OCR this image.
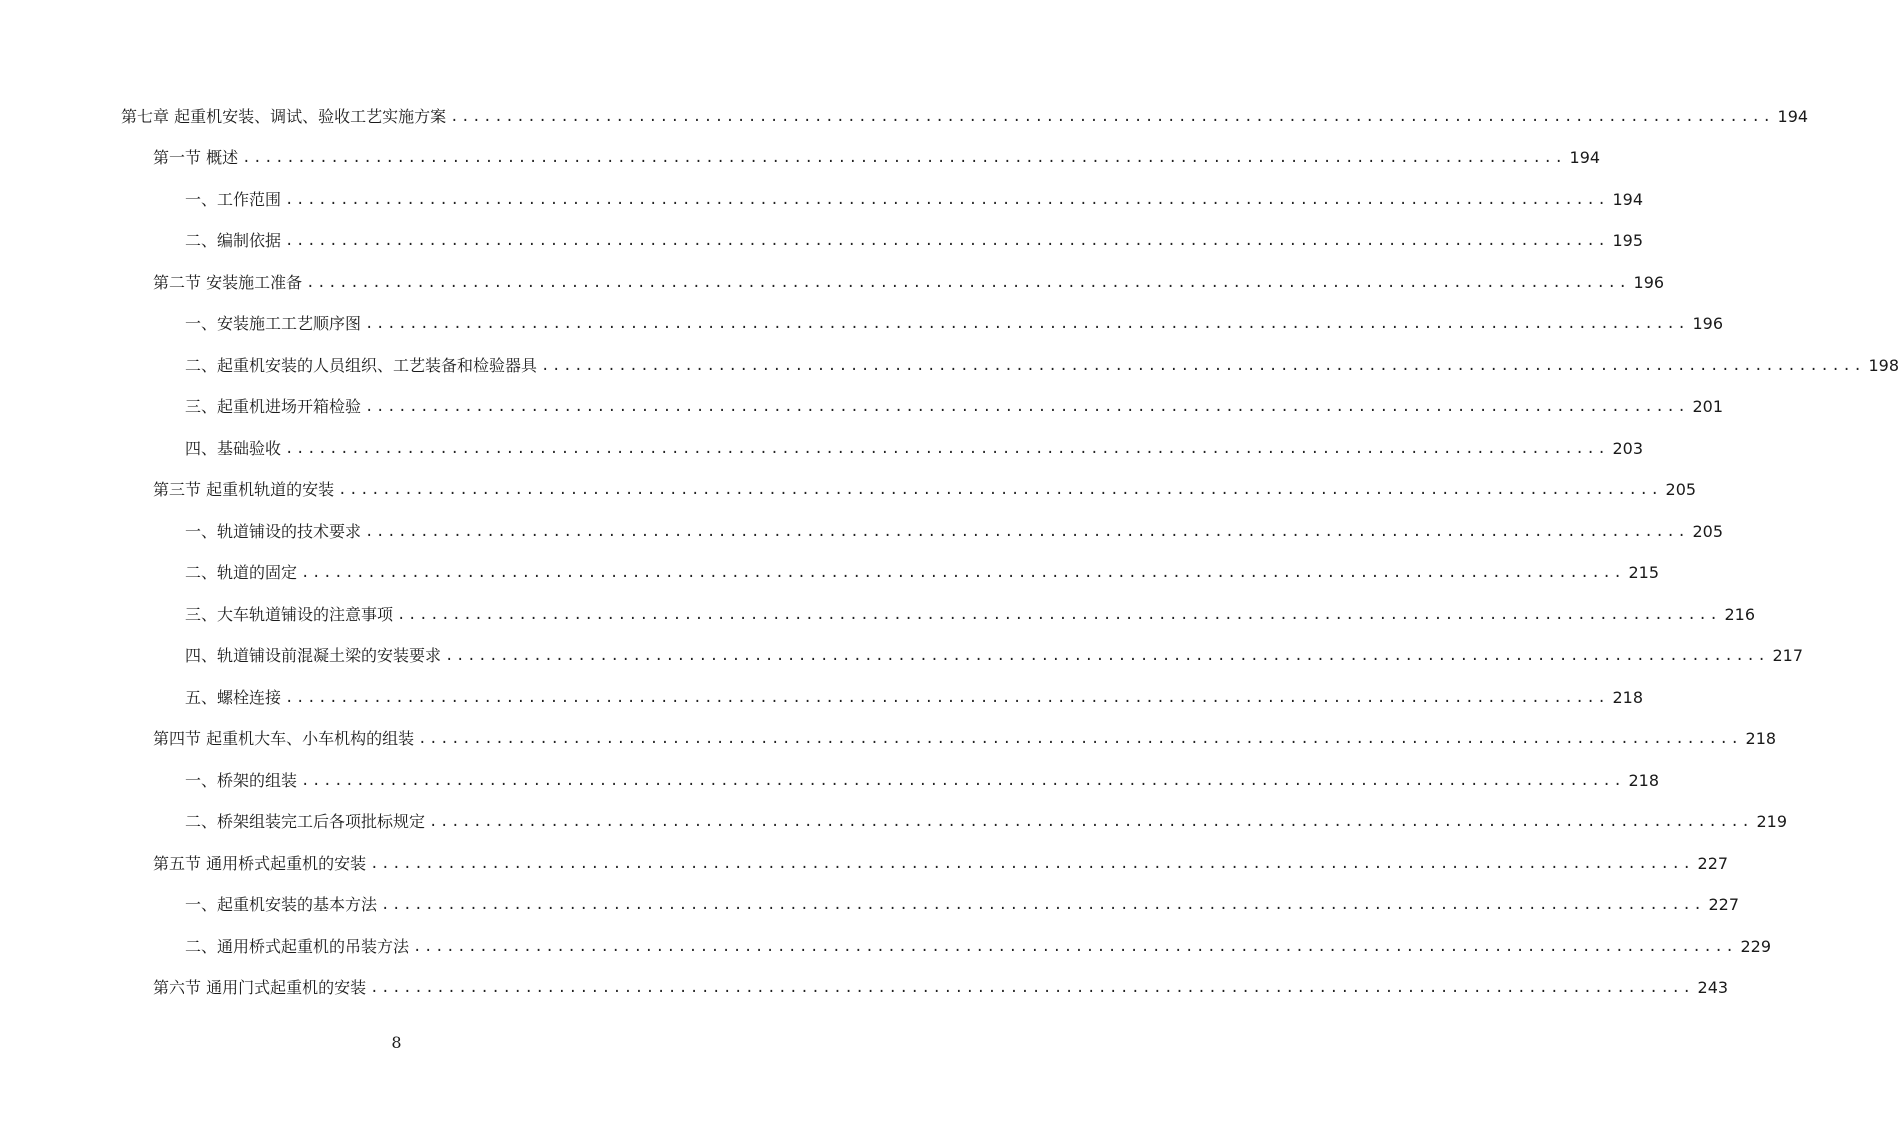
第七章 起重机安装、调试、验收工艺实施方案 ........................................................................................................................ 194
第一节 概述 ........................................................................................................................ 194
一、工作范围 ........................................................................................................................ 194
二、编制依据 ........................................................................................................................ 195
第二节 安装施工准备 ........................................................................................................................ 196
一、安装施工工艺顺序图 ........................................................................................................................ 196
二、起重机安装的人员组织、工艺装备和检验器具 ........................................................................................................................ 198
三、起重机进场开箱检验 ........................................................................................................................ 201
四、基础验收 ........................................................................................................................ 203
第三节 起重机轨道的安装 ........................................................................................................................ 205
一、轨道铺设的技术要求 ........................................................................................................................ 205
二、轨道的固定 ........................................................................................................................ 215
三、大车轨道铺设的注意事项 ........................................................................................................................ 216
四、轨道铺设前混凝土梁的安装要求 ........................................................................................................................ 217
五、螺栓连接 ........................................................................................................................ 218
第四节 起重机大车、小车机构的组装 ........................................................................................................................ 218
一、桥架的组装 ........................................................................................................................ 218
二、桥架组装完工后各项批标规定 ........................................................................................................................ 219
第五节 通用桥式起重机的安装 ........................................................................................................................ 227
一、起重机安装的基本方法 ........................................................................................................................ 227
二、通用桥式起重机的吊装方法 ........................................................................................................................ 229
第六节 通用门式起重机的安装 ........................................................................................................................ 243
8
